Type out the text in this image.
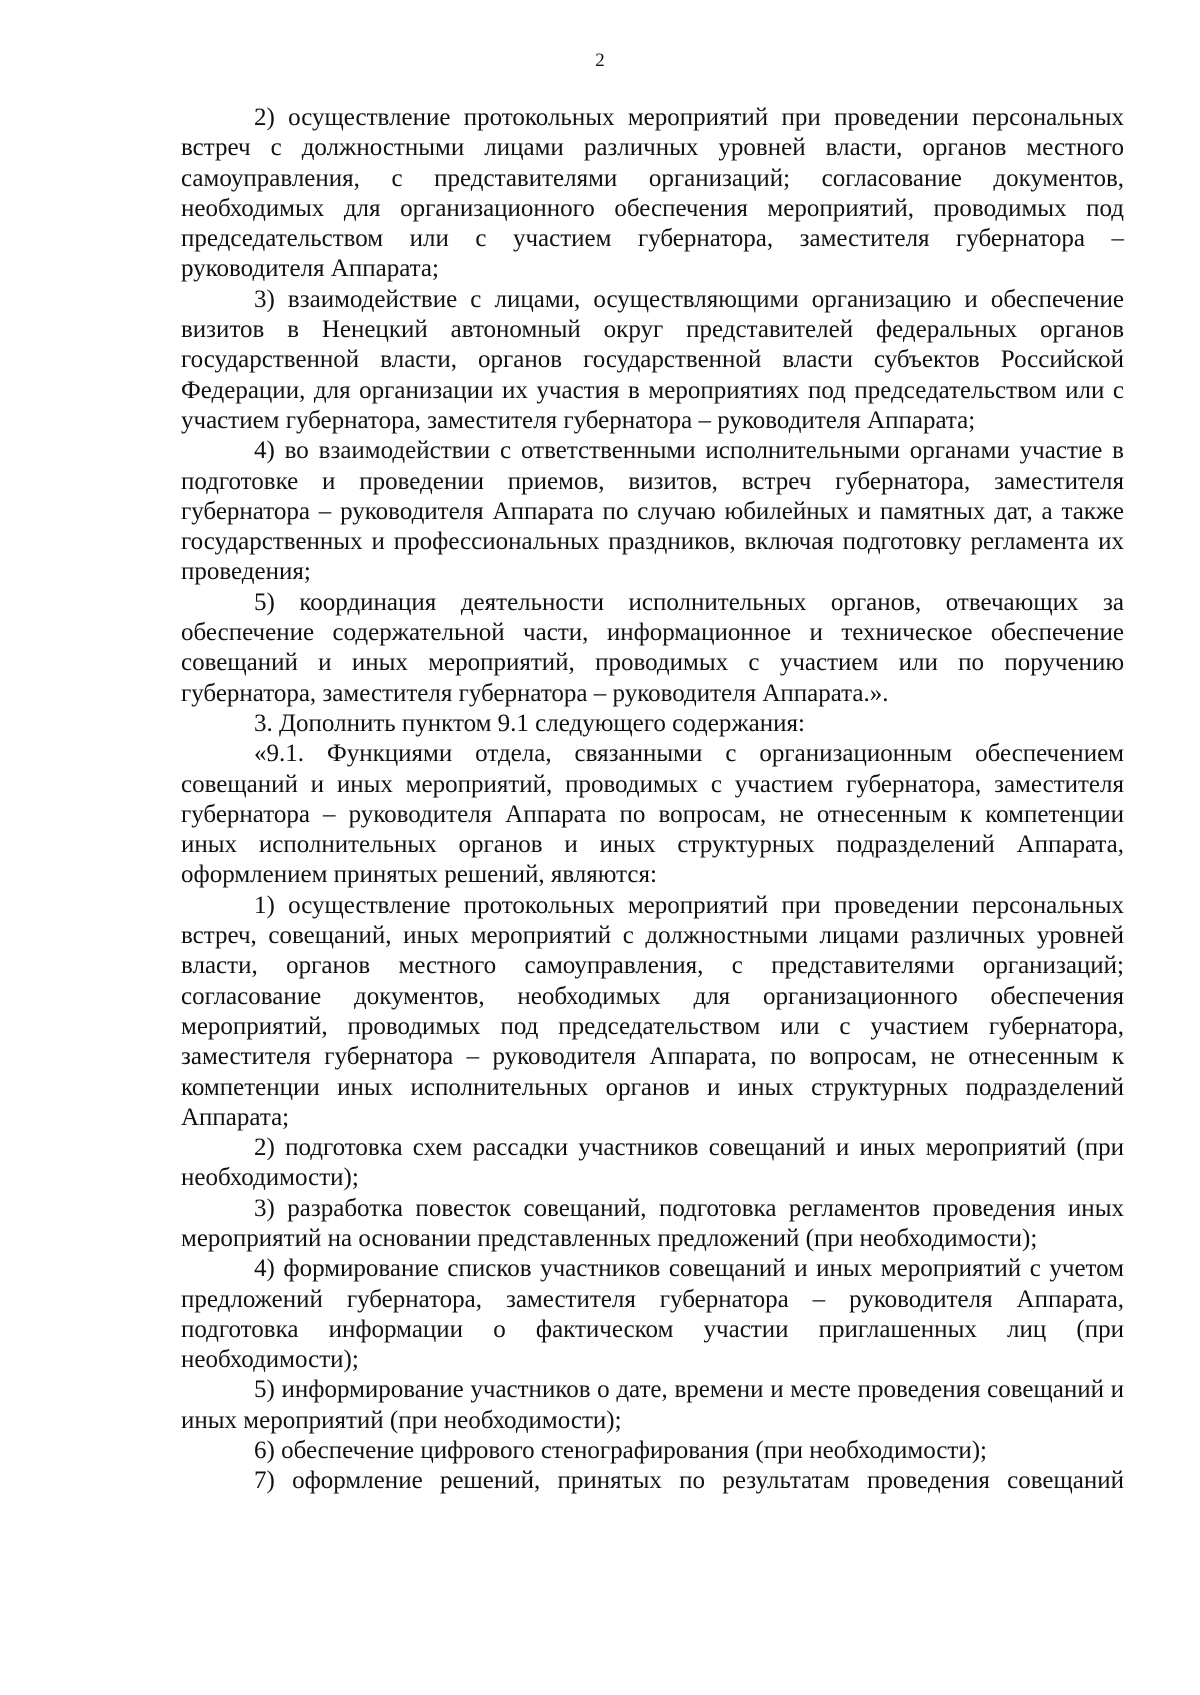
2

2) осуществление протокольных мероприятий при проведении персональных встреч с должностными лицами различных уровней власти, органов местного самоуправления, с представителями организаций; согласование документов, необходимых для организационного обеспечения мероприятий, проводимых под председательством или с участием губернатора, заместителя губернатора – руководителя Аппарата;

3) взаимодействие с лицами, осуществляющими организацию и обеспечение визитов в Ненецкий автономный округ представителей федеральных органов государственной власти, органов государственной власти субъектов Российской Федерации, для организации их участия в мероприятиях под председательством или с участием губернатора, заместителя губернатора – руководителя Аппарата;

4) во взаимодействии с ответственными исполнительными органами участие в подготовке и проведении приемов, визитов, встреч губернатора, заместителя губернатора – руководителя Аппарата по случаю юбилейных и памятных дат, а также государственных и профессиональных праздников, включая подготовку регламента их проведения;

5) координация деятельности исполнительных органов, отвечающих за обеспечение содержательной части, информационное и техническое обеспечение совещаний и иных мероприятий, проводимых с участием или по поручению губернатора, заместителя губернатора – руководителя Аппарата.».

3. Дополнить пунктом 9.1 следующего содержания:

«9.1. Функциями отдела, связанными с организационным обеспечением совещаний и иных мероприятий, проводимых с участием губернатора, заместителя губернатора – руководителя Аппарата по вопросам, не отнесенным к компетенции иных исполнительных органов и иных структурных подразделений Аппарата, оформлением принятых решений, являются:

1) осуществление протокольных мероприятий при проведении персональных встреч, совещаний, иных мероприятий с должностными лицами различных уровней власти, органов местного самоуправления, с представителями организаций; согласование документов, необходимых для организационного обеспечения мероприятий, проводимых под председательством или с участием губернатора, заместителя губернатора – руководителя Аппарата, по вопросам, не отнесенным к компетенции иных исполнительных органов и иных структурных подразделений Аппарата;

2) подготовка схем рассадки участников совещаний и иных мероприятий (при необходимости);

3) разработка повесток совещаний, подготовка регламентов проведения иных мероприятий на основании представленных предложений (при необходимости);

4) формирование списков участников совещаний и иных мероприятий с учетом предложений губернатора, заместителя губернатора – руководителя Аппарата, подготовка информации о фактическом участии приглашенных лиц (при необходимости);

5) информирование участников о дате, времени и месте проведения совещаний и иных мероприятий (при необходимости);

6) обеспечение цифрового стенографирования (при необходимости);

7) оформление решений, принятых по результатам проведения совещаний
